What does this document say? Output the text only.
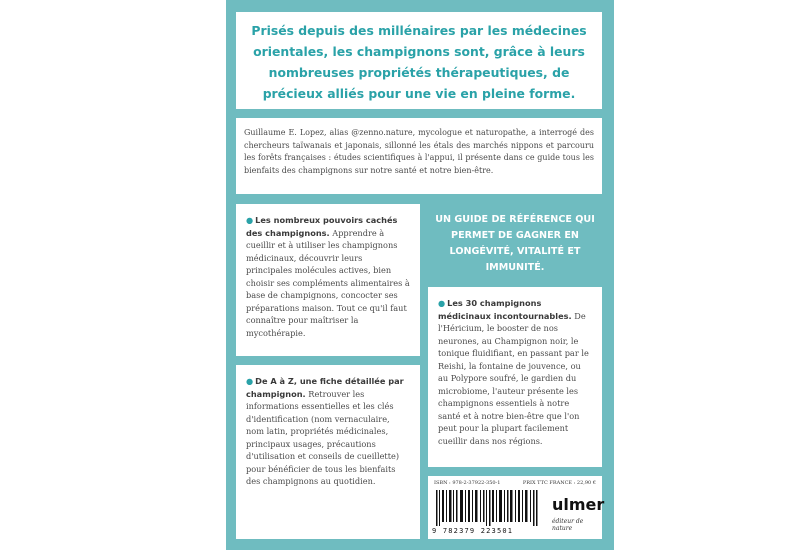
Prisés depuis des millénaires par les médecines orientales, les champignons sont, grâce à leurs nombreuses propriétés thérapeutiques, de précieux alliés pour une vie en pleine forme.

Guillaume E. Lopez, alias @zenno.nature, mycologue et naturopathe, a interrogé des chercheurs taïwanais et japonais, sillonné les étals des marchés nippons et parcouru les forêts françaises : études scientifiques à l'appui, il présente dans ce guide tous les bienfaits des champignons sur notre santé et notre bien-être.

● Les nombreux pouvoirs cachés des champignons. Apprendre à cueillir et à utiliser les champignons médicinaux, découvrir leurs principales molécules actives, bien choisir ses compléments alimentaires à base de champignons, concocter ses préparations maison. Tout ce qu'il faut connaître pour maîtriser la mycothérapie.

UN GUIDE DE RÉFÉRENCE QUI PERMET DE GAGNER EN LONGÉVITÉ, VITALITÉ ET IMMUNITÉ.

● Les 30 champignons médicinaux incontournables. De l'Héricium, le booster de nos neurones, au Champignon noir, le tonique fluidifiant, en passant par le Reishi, la fontaine de jouvence, ou au Polypore soufré, le gardien du microbiome, l'auteur présente les champignons essentiels à notre santé et à notre bien-être que l'on peut pour la plupart facilement cueillir dans nos régions.

● De A à Z, une fiche détaillée par champignon. Retrouver les informations essentielles et les clés d'identification (nom vernaculaire, nom latin, propriétés médicinales, principaux usages, précautions d'utilisation et conseils de cueillette) pour bénéficier de tous les bienfaits des champignons au quotidien.	ISBN : 978-2-37922-350-1	PRIX TTC FRANCE : 22,90 €
9 782379 223501
ulmer
éditeur de nature
